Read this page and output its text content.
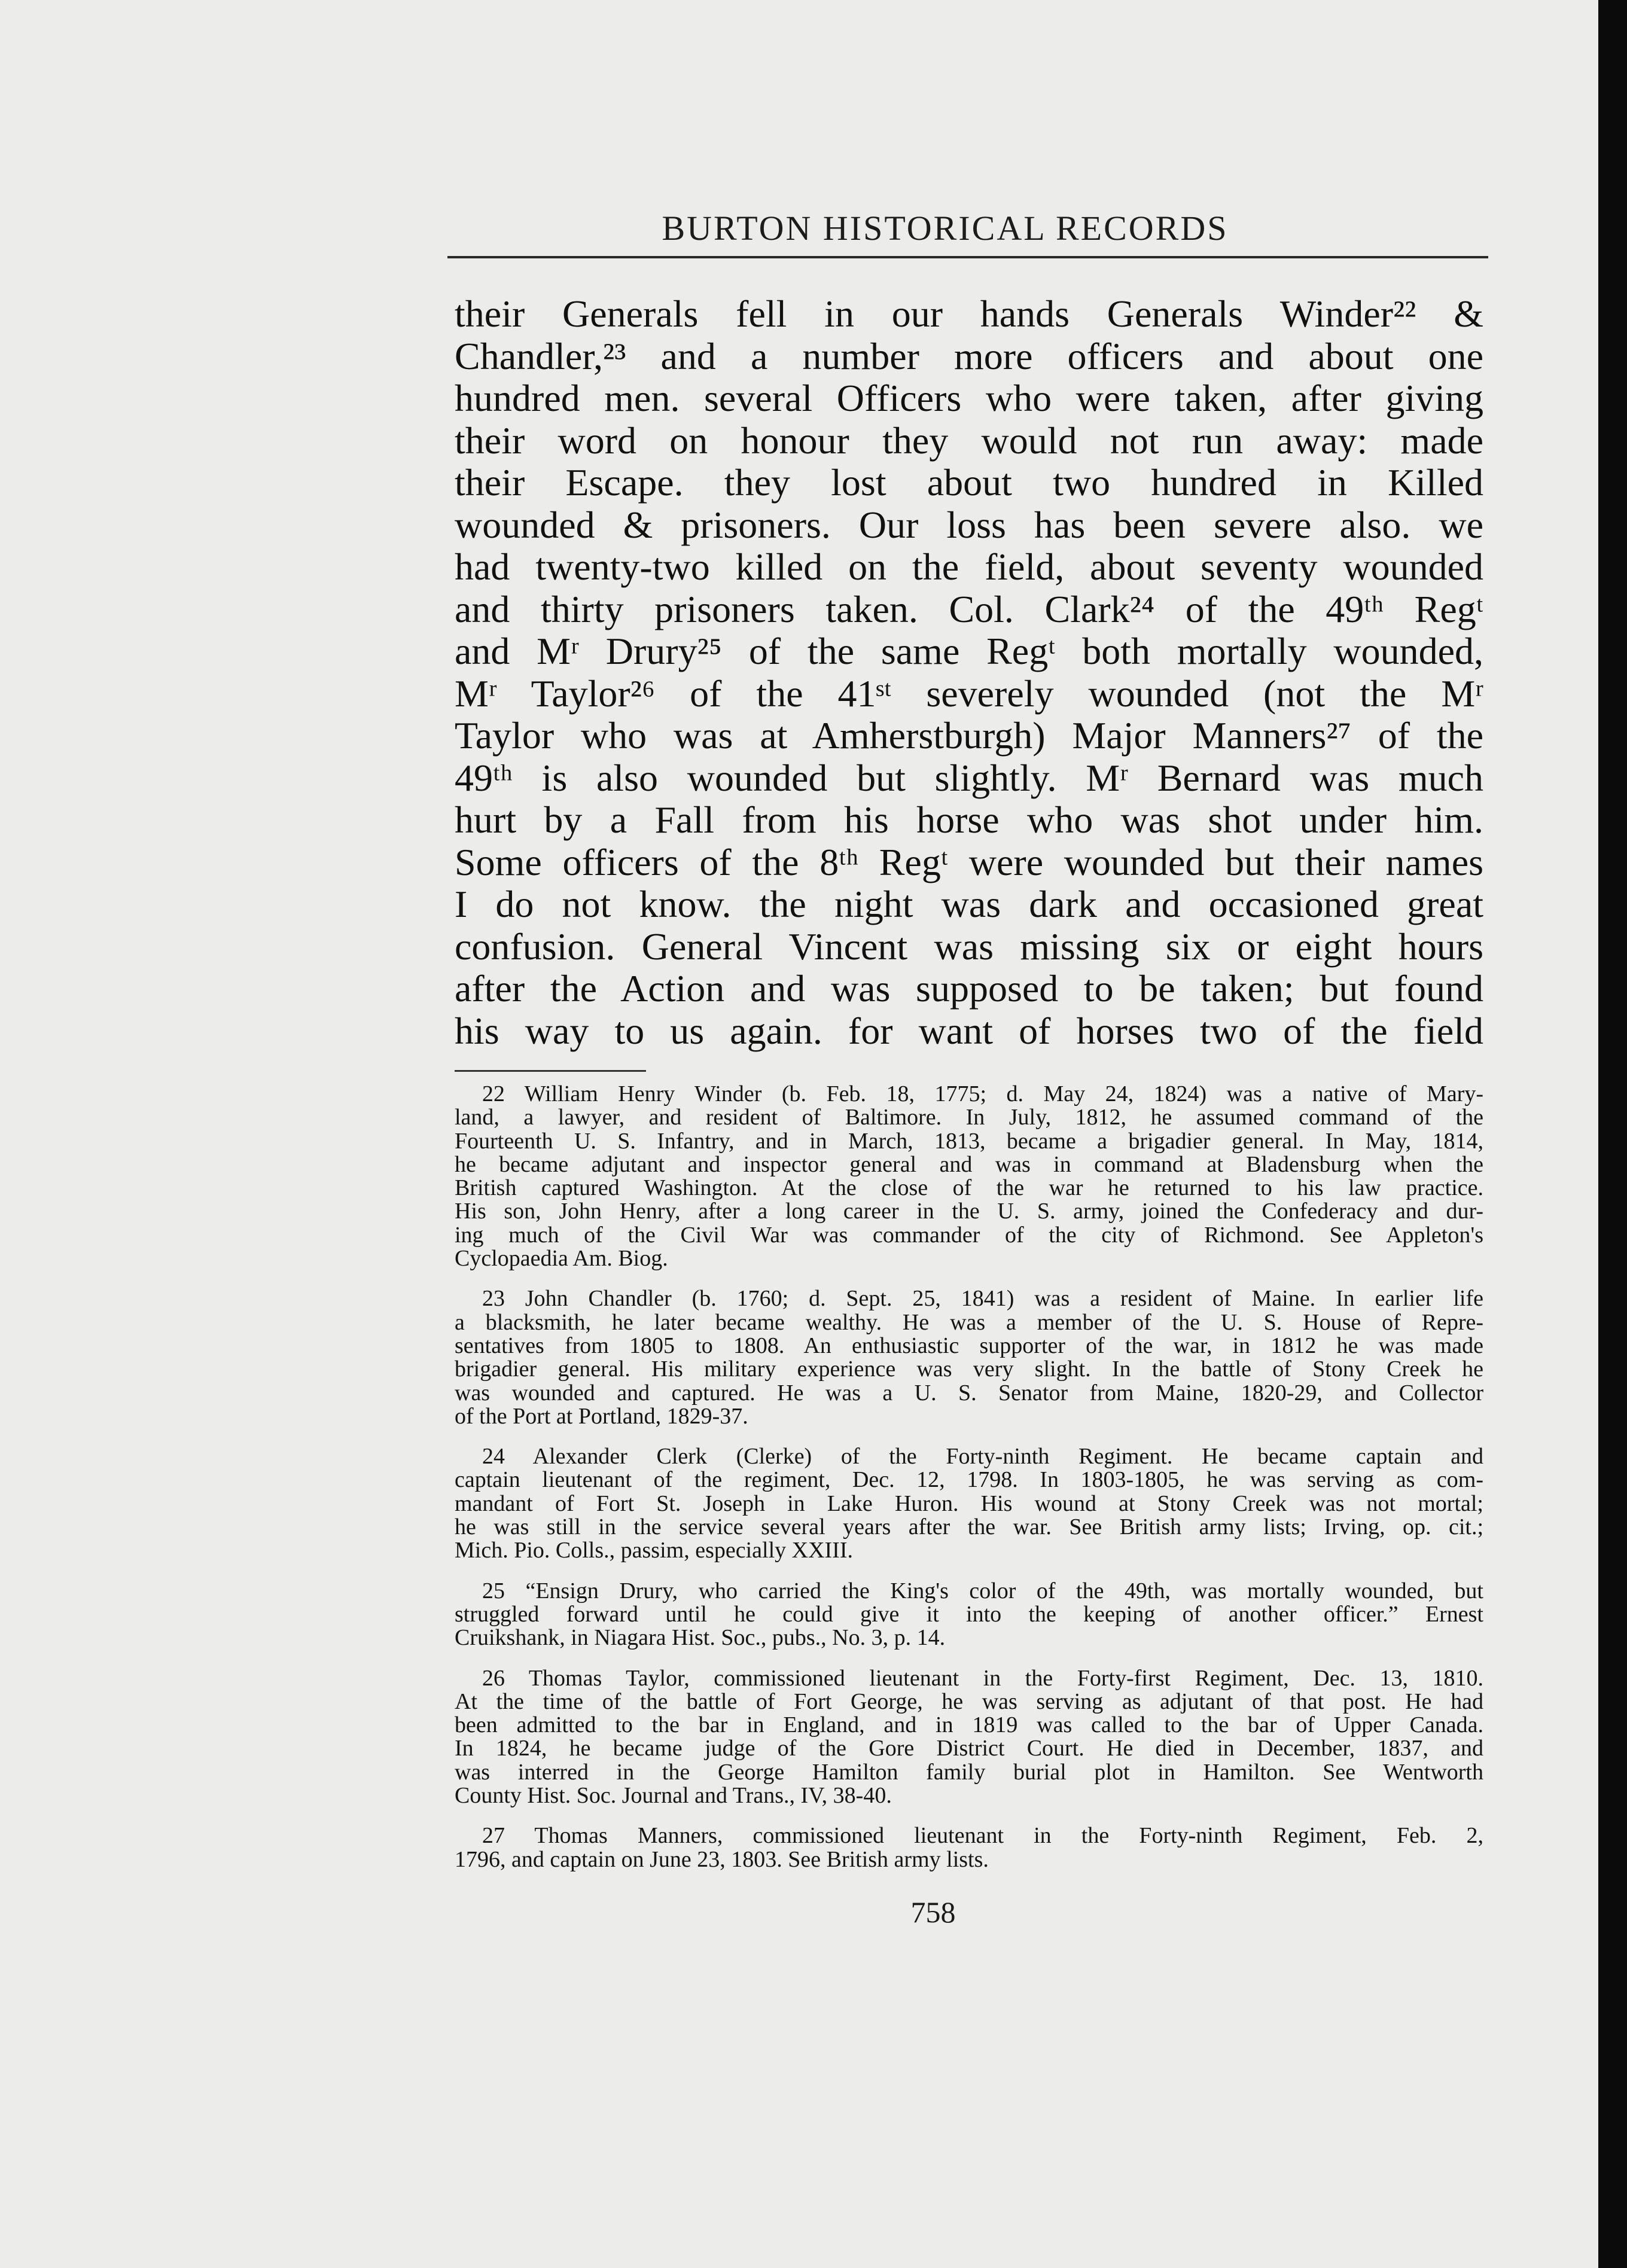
BURTON HISTORICAL RECORDS
their Generals fell in our hands Generals Winder²² &
Chandler,²³ and a number more officers and about one
hundred men. several Officers who were taken, after giving
their word on honour they would not run away: made
their Escape. they lost about two hundred in Killed
wounded & prisoners. Our loss has been severe also. we
had twenty-two killed on the field, about seventy wounded
and thirty prisoners taken. Col. Clark²⁴ of the 49ᵗʰ Regᵗ
and Mʳ Drury²⁵ of the same Regᵗ both mortally wounded,
Mʳ Taylor²⁶ of the 41ˢᵗ severely wounded (not the Mʳ
Taylor who was at Amherstburgh) Major Manners²⁷ of the
49ᵗʰ is also wounded but slightly. Mʳ Bernard was much
hurt by a Fall from his horse who was shot under him.
Some officers of the 8ᵗʰ Regᵗ were wounded but their names
I do not know. the night was dark and occasioned great
confusion. General Vincent was missing six or eight hours
after the Action and was supposed to be taken; but found
his way to us again. for want of horses two of the field
22 William Henry Winder (b. Feb. 18, 1775; d. May 24, 1824) was a native of Mary-
land, a lawyer, and resident of Baltimore. In July, 1812, he assumed command of the
Fourteenth U. S. Infantry, and in March, 1813, became a brigadier general. In May, 1814,
he became adjutant and inspector general and was in command at Bladensburg when the
British captured Washington. At the close of the war he returned to his law practice.
His son, John Henry, after a long career in the U. S. army, joined the Confederacy and dur-
ing much of the Civil War was commander of the city of Richmond. See Appleton's
Cyclopaedia Am. Biog.
23 John Chandler (b. 1760; d. Sept. 25, 1841) was a resident of Maine. In earlier life
a blacksmith, he later became wealthy. He was a member of the U. S. House of Repre-
sentatives from 1805 to 1808. An enthusiastic supporter of the war, in 1812 he was made
brigadier general. His military experience was very slight. In the battle of Stony Creek he
was wounded and captured. He was a U. S. Senator from Maine, 1820-29, and Collector
of the Port at Portland, 1829-37.
24 Alexander Clerk (Clerke) of the Forty-ninth Regiment. He became captain and
captain lieutenant of the regiment, Dec. 12, 1798. In 1803-1805, he was serving as com-
mandant of Fort St. Joseph in Lake Huron. His wound at Stony Creek was not mortal;
he was still in the service several years after the war. See British army lists; Irving, op. cit.;
Mich. Pio. Colls., passim, especially XXIII.
25 “Ensign Drury, who carried the King's color of the 49th, was mortally wounded, but
struggled forward until he could give it into the keeping of another officer.” Ernest
Cruikshank, in Niagara Hist. Soc., pubs., No. 3, p. 14.
26 Thomas Taylor, commissioned lieutenant in the Forty-first Regiment, Dec. 13, 1810.
At the time of the battle of Fort George, he was serving as adjutant of that post. He had
been admitted to the bar in England, and in 1819 was called to the bar of Upper Canada.
In 1824, he became judge of the Gore District Court. He died in December, 1837, and
was interred in the George Hamilton family burial plot in Hamilton. See Wentworth
County Hist. Soc. Journal and Trans., IV, 38-40.
27 Thomas Manners, commissioned lieutenant in the Forty-ninth Regiment, Feb. 2,
1796, and captain on June 23, 1803. See British army lists.
758
